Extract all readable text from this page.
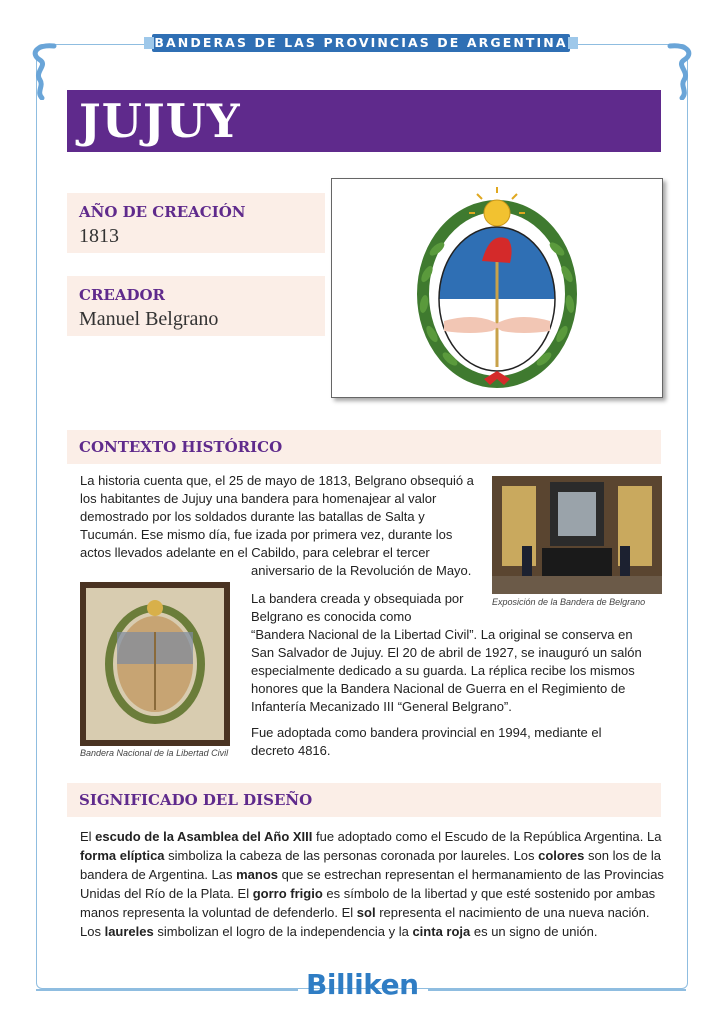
BANDERAS DE LAS PROVINCIAS DE ARGENTINA
JUJUY
AÑO DE CREACIÓN
1813
CREADOR
Manuel Belgrano
CONTEXTO HISTÓRICO

La historia cuenta que, el 25 de mayo de 1813, Belgrano obsequió a los habitantes de Jujuy una bandera para homenajear al valor demostrado por los soldados durante las batallas de Salta y Tucumán. Ese mismo día, fue izada por primera vez, durante los actos llevados adelante en el Cabildo, para celebrar el tercer

aniversario de la Revolución de Mayo.

Exposición de la Bandera de Belgrano

La bandera creada y obsequiada por Belgrano es conocida como

“Bandera Nacional de la Libertad Civil”. La original se conserva en San Salvador de Jujuy. El 20 de abril de 1927, se inauguró un salón especialmente dedicado a su guarda. La réplica recibe los mismos honores que la Bandera Nacional de Guerra en el Regimiento de Infantería Mecanizado III “General Belgrano”.

Fue adoptada como bandera provincial en 1994, mediante el decreto 4816.

Bandera Nacional de la Libertad Civil
SIGNIFICADO DEL DISEÑO
El escudo de la Asamblea del Año XIII fue adoptado como el Escudo de la República Argentina. La forma elíptica simboliza la cabeza de las personas coronada por laureles. Los colores son los de la bandera de Argentina. Las manos que se estrechan representan el hermanamiento de las Provincias Unidas del Río de la Plata. El gorro frigio es símbolo de la libertad y que esté sostenido por ambas manos representa la voluntad de defenderlo. El sol representa el nacimiento de una nueva nación. Los laureles simbolizan el logro de la independencia y la cinta roja es un signo de unión.
Billiken
